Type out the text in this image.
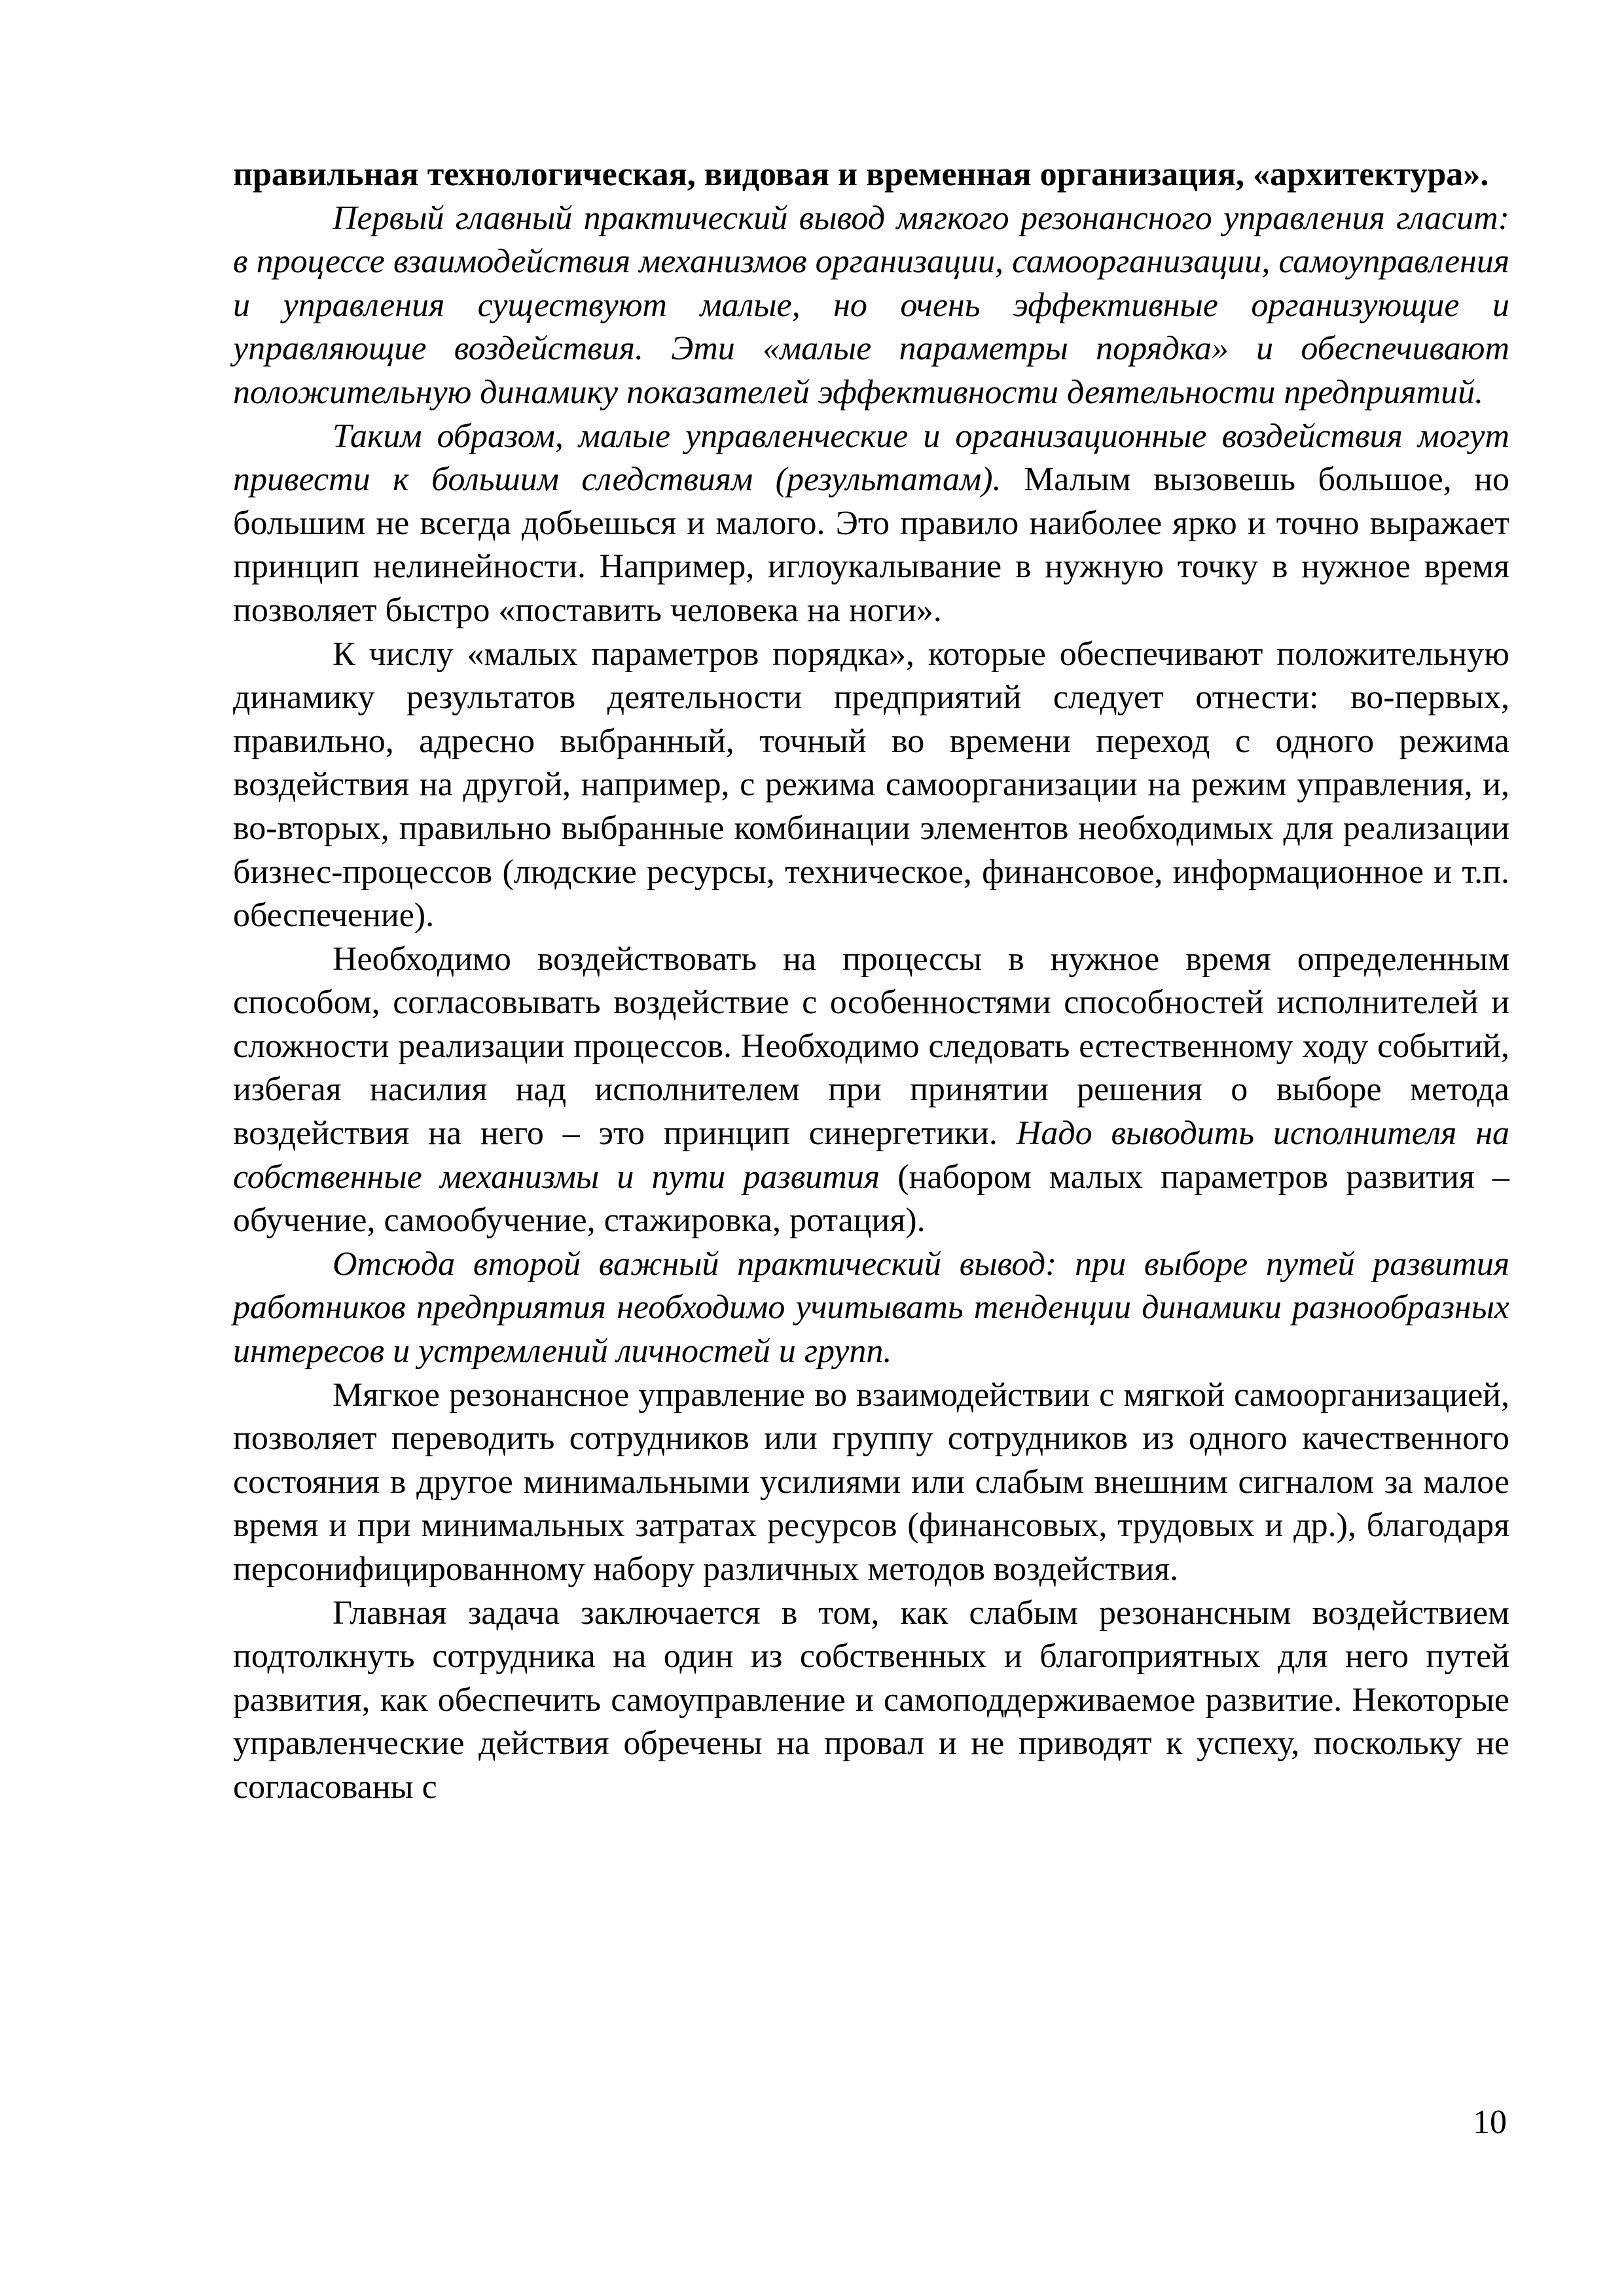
правильная технологическая, видовая и временная организация, «архитектура».

Первый главный практический вывод мягкого резонансного управления гласит: в процессе взаимодействия механизмов организации, самоорганизации, самоуправления и управления существуют малые, но очень эффективные организующие и управляющие воздействия. Эти «малые параметры порядка» и обеспечивают положительную динамику показателей эффективности деятельности предприятий.

Таким образом, малые управленческие и организационные воздействия могут привести к большим следствиям (результатам). Малым вызовешь большое, но большим не всегда добьешься и малого. Это правило наиболее ярко и точно выражает принцип нелинейности. Например, иглоукалывание в нужную точку в нужное время позволяет быстро «поставить человека на ноги».

К числу «малых параметров порядка», которые обеспечивают положительную динамику результатов деятельности предприятий следует отнести: во-первых, правильно, адресно выбранный, точный во времени переход с одного режима воздействия на другой, например, с режима самоорганизации на режим управления, и, во-вторых, правильно выбранные комбинации элементов необходимых для реализации бизнес-процессов (людские ресурсы, техническое, финансовое, информационное и т.п. обеспечение).

Необходимо воздействовать на процессы в нужное время определенным способом, согласовывать воздействие с особенностями способностей исполнителей и сложности реализации процессов. Необходимо следовать естественному ходу событий, избегая насилия над исполнителем при принятии решения о выборе метода воздействия на него – это принцип синергетики. Надо выводить исполнителя на собственные механизмы и пути развития (набором малых параметров развития – обучение, самообучение, стажировка, ротация).

Отсюда второй важный практический вывод: при выборе путей развития работников предприятия необходимо учитывать тенденции динамики разнообразных интересов и устремлений личностей и групп.

Мягкое резонансное управление во взаимодействии с мягкой самоорганизацией, позволяет переводить сотрудников или группу сотрудников из одного качественного состояния в другое минимальными усилиями или слабым внешним сигналом за малое время и при минимальных затратах ресурсов (финансовых, трудовых и др.), благодаря персонифицированному набору различных методов воздействия.

Главная задача заключается в том, как слабым резонансным воздействием подтолкнуть сотрудника на один из собственных и благоприятных для него путей развития, как обеспечить самоуправление и самоподдерживаемое развитие. Некоторые управленческие действия обречены на провал и не приводят к успеху, поскольку не согласованы с

10
